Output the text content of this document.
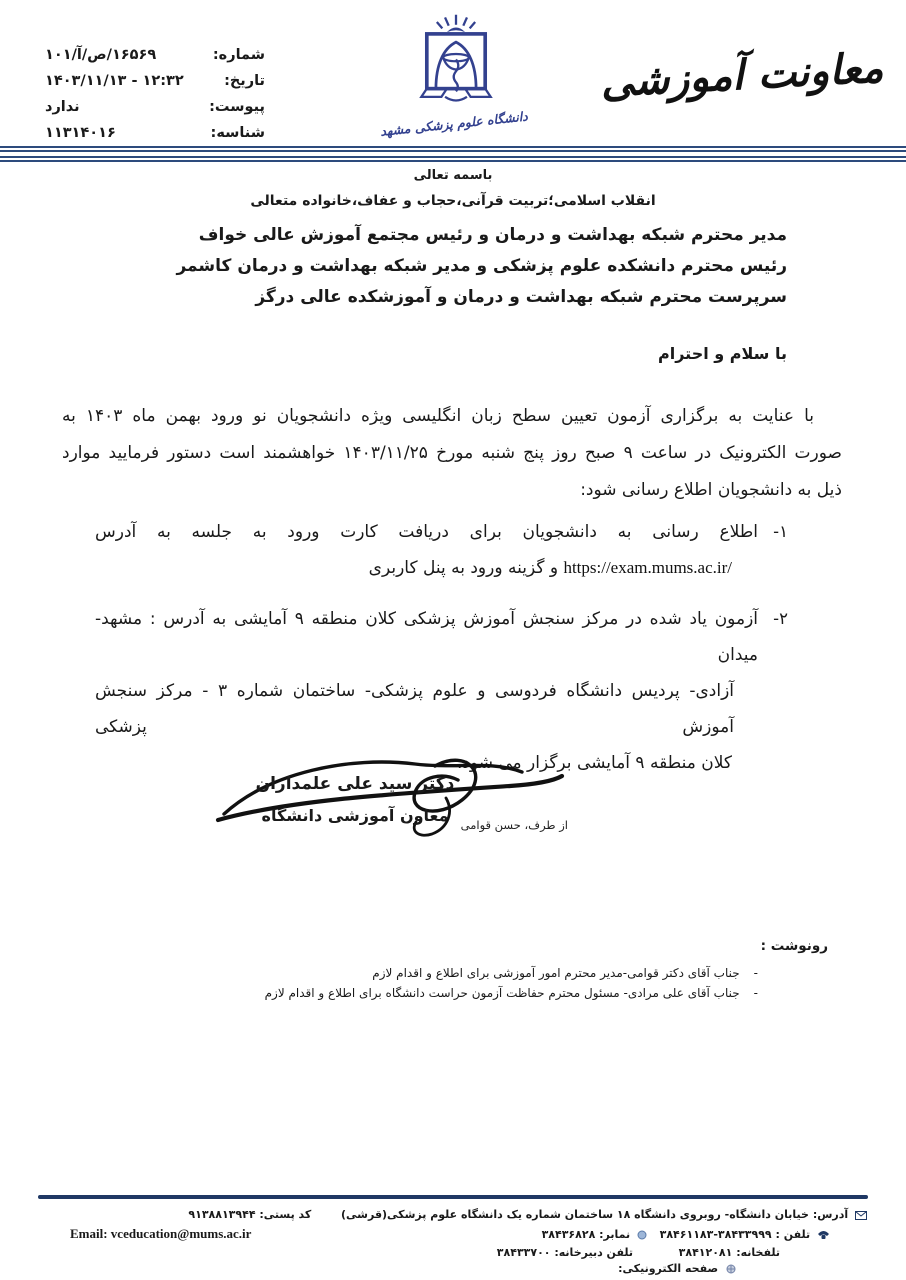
معاونت آموزشی
دانشگاه علوم پزشکی مشهد
شماره:
۱۶۵۶۹/ص/آ/۱۰۱
تاریخ:
۱۲:۳۲ - ۱۴۰۳/۱۱/۱۳
پیوست:
ندارد
شناسه:
۱۱۳۱۴۰۱۶
باسمه تعالی
انقلاب اسلامی؛تربیت قرآنی،حجاب و عفاف،خانواده متعالی
مدیر محترم شبکه بهداشت و درمان و رئیس مجتمع آموزش عالی خواف
رئیس محترم دانشکده علوم پزشکی و مدیر شبکه بهداشت و درمان کاشمر
سرپرست محترم شبکه بهداشت و درمان و آموزشکده عالی درگز
با سلام و احترام
با عنایت به برگزاری آزمون تعیین سطح زبان انگلیسی ویژه دانشجویان نو ورود بهمن ماه ۱۴۰۳ به
صورت الکترونیک در ساعت ۹ صبح روز پنج شنبه مورخ ۱۴۰۳/۱۱/۲۵ خواهشمند است دستور فرمایید موارد
ذیل به دانشجویان اطلاع رسانی شود:
۱-
اطلاع رسانی به دانشجویان برای دریافت کارت ورود به جلسه به آدرس
https://exam.mums.ac.ir/ و گزینه ورود به پنل کاربری
۲-
آزمون یاد شده در مرکز سنجش آموزش پزشکی کلان منطقه ۹ آمایشی به آدرس : مشهد- میدان
آزادی- پردیس دانشگاه فردوسی و علوم پزشکی- ساختمان شماره ۳ - مرکز سنجش آموزش پزشکی
کلان منطقه ۹ آمایشی برگزار می شود.
دکتر سید علی علمداران
معاون آموزشی دانشگاه	از طرف، حسن قوامی
رونوشت :
-
جناب آقای دکتر قوامی-مدیر محترم امور آموزشی برای اطلاع و اقدام لازم
-
جناب آقای علی مرادی- مسئول محترم حفاظت آزمون حراست دانشگاه برای اطلاع و اقدام لازم
آدرس: خیابان دانشگاه- روبروی دانشگاه ۱۸ ساختمان شماره یک دانشگاه علوم پزشکی(قرشی)  کد پستی: ۹۱۳۸۸۱۳۹۴۴
تلفن : ۳۸۴۳۳۹۹۹-۳۸۴۶۱۱۸۳
نمابر: ۳۸۴۳۶۸۲۸
Email: vceducation@mums.ac.ir
تلفخانه: ۳۸۴۱۲۰۸۱
تلفن دبیرخانه: ۳۸۴۳۳۷۰۰
صفحه الکترونیکی:
